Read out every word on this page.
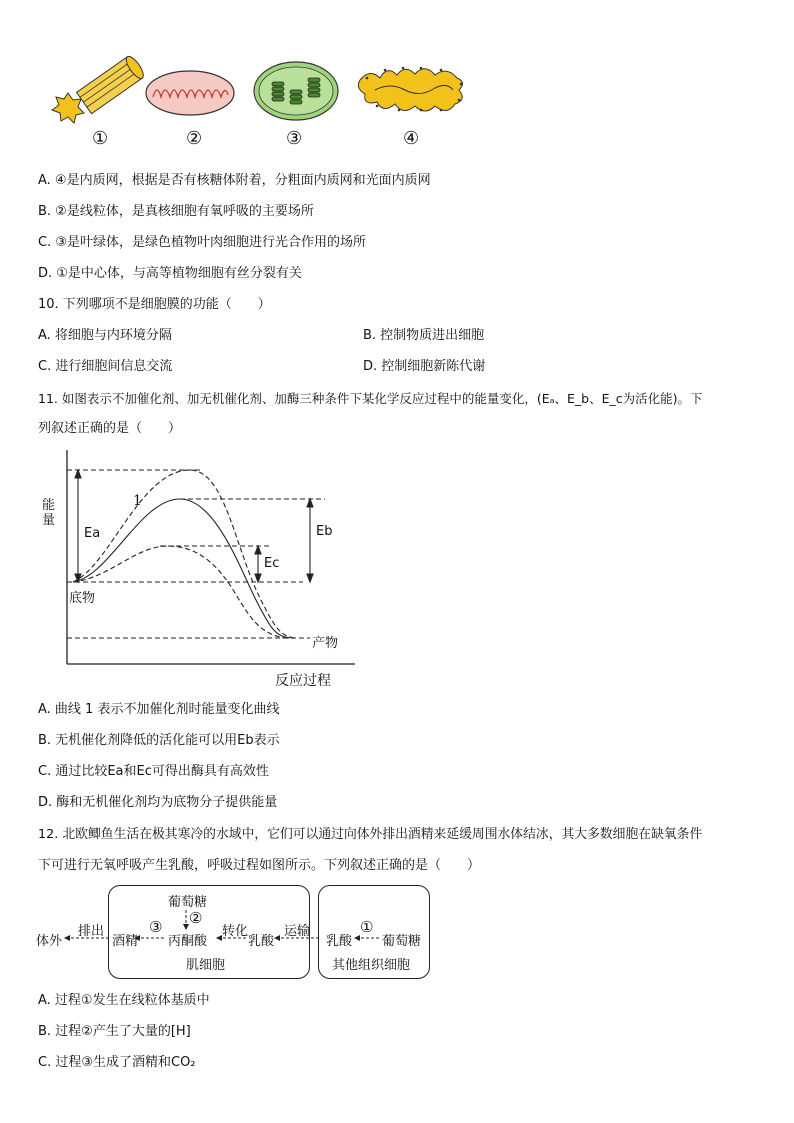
①	②	③	④
A. ④是内质网，根据是否有核糖体附着，分粗面内质网和光面内质网
B. ②是线粒体，是真核细胞有氧呼吸的主要场所
C. ③是叶绿体，是绿色植物叶肉细胞进行光合作用的场所
D. ①是中心体，与高等植物细胞有丝分裂有关
10. 下列哪项不是细胞膜的功能（　　）
A. 将细胞与内环境分隔	B. 控制物质进出细胞
C. 进行细胞间信息交流	D. 控制细胞新陈代谢
11. 如图表示不加催化剂、加无机催化剂、加酶三种条件下某化学反应过程中的能量变化，(Eₐ、E_b、E_c为活化能)。下
列叙述正确的是（　　）
能量
反应过程
1
底物
产物
Ea	Eb
Ec
A. 曲线 1 表示不加催化剂时能量变化曲线
B. 无机催化剂降低的活化能可以用Eb表示
C. 通过比较Ea和Ec可得出酶具有高效性
D. 酶和无机催化剂均为底物分子提供能量
12. 北欧鲫鱼生活在极其寒冷的水域中，它们可以通过向体外排出酒精来延缓周围水体结冰，其大多数细胞在缺氧条件
下可进行无氧呼吸产生乳酸，呼吸过程如图所示。下列叙述正确的是（　　）
体外
排出
酒精
③
丙酮酸
葡萄糖
②
转化
乳酸
肌细胞
运输
乳酸
①
葡萄糖
其他组织细胞
A. 过程①发生在线粒体基质中
B. 过程②产生了大量的[H]
C. 过程③生成了酒精和CO₂
